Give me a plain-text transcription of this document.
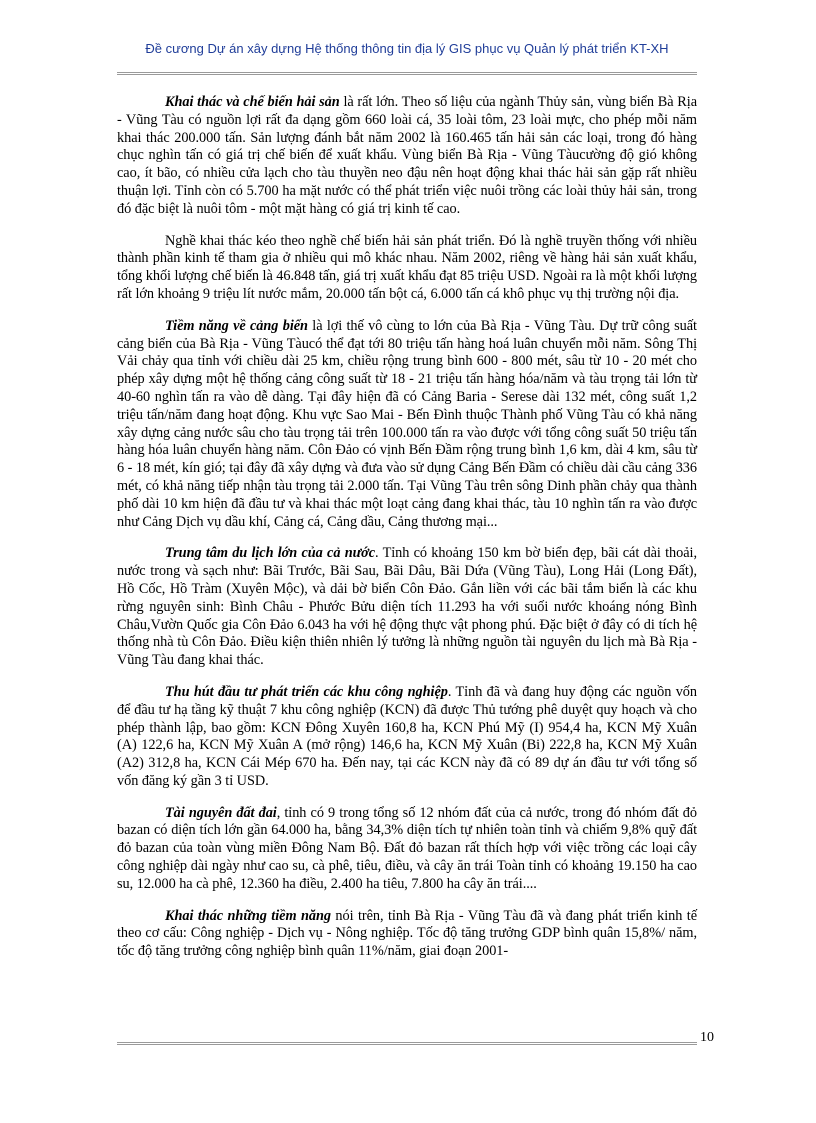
Đề cương Dự án xây dựng Hệ thống thông tin địa lý GIS phục vụ Quản lý phát triển KT-XH

Khai thác và chế biến hải sản là rất lớn. Theo số liệu của ngành Thủy sản, vùng biển Bà Rịa - Vũng Tàu có nguồn lợi rất đa dạng gồm 660 loài cá, 35 loài tôm, 23 loài mực, cho phép mỗi năm khai thác 200.000 tấn. Sản lượng đánh bắt năm 2002 là 160.465 tấn hải sản các loại, trong đó hàng chục nghìn tấn có giá trị chế biến để xuất khẩu. Vùng biển Bà Rịa - Vũng Tàucường độ gió không cao, ít bão, có nhiều cửa lạch cho tàu thuyền neo đậu nên hoạt động khai thác hải sản gặp rất nhiều thuận lợi. Tỉnh còn có 5.700 ha mặt nước có thể phát triển việc nuôi trồng các loài thủy hải sản, trong đó đặc biệt là nuôi tôm - một mặt hàng có giá trị kinh tế cao.

Nghề khai thác kéo theo nghề chế biến hải sản phát triển. Đó là nghề truyền thống với nhiều thành phần kinh tế tham gia ở nhiều qui mô khác nhau. Năm 2002, riêng về hàng hải sản xuất khẩu, tổng khối lượng chế biến là 46.848 tấn, giá trị xuất khẩu đạt 85 triệu USD. Ngoài ra là một khối lượng rất lớn khoảng 9 triệu lít nước mắm, 20.000 tấn bột cá, 6.000 tấn cá khô phục vụ thị trường nội địa.

Tiềm năng về cảng biển là lợi thế vô cùng to lớn của Bà Rịa - Vũng Tàu. Dự trữ công suất cảng biển của Bà Rịa - Vũng Tàucó thể đạt tới 80 triệu tấn hàng hoá luân chuyển mỗi năm. Sông Thị Vải chảy qua tỉnh với chiều dài 25 km, chiều rộng trung bình 600 - 800 mét, sâu từ 10 - 20 mét cho phép xây dựng một hệ thống cảng công suất từ 18 - 21 triệu tấn hàng hóa/năm và tàu trọng tải lớn từ 40-60 nghìn tấn ra vào dễ dàng. Tại đây hiện đã có Cảng Baria - Serese dài 132 mét, công suất 1,2 triệu tấn/năm đang hoạt động. Khu vực Sao Mai - Bến Đình thuộc Thành phố Vũng Tàu có khả năng xây dựng cảng nước sâu cho tàu trọng tải trên 100.000 tấn ra vào được với tổng công suất 50 triệu tấn hàng hóa luân chuyển hàng năm. Côn Đảo có vịnh Bến Đầm rộng trung bình 1,6 km, dài 4 km, sâu từ 6 - 18 mét, kín gió; tại đây đã xây dựng và đưa vào sử dụng Cảng Bến Đầm có chiều dài cầu cảng 336 mét, có khả năng tiếp nhận tàu trọng tải 2.000 tấn. Tại Vũng Tàu trên sông Dinh phần chảy qua thành phố dài 10 km hiện đã đầu tư và khai thác một loạt cảng đang khai thác, tàu 10 nghìn tấn ra vào được như Cảng Dịch vụ dầu khí, Cảng cá, Cảng dầu, Cảng thương mại...

Trung tâm du lịch lớn của cả nước. Tỉnh có khoảng 150 km bờ biển đẹp, bãi cát dài thoải, nước trong và sạch như: Bãi Trước, Bãi Sau, Bãi Dâu, Bãi Dứa (Vũng Tàu), Long Hải (Long Đất), Hồ Cốc, Hồ Tràm (Xuyên Mộc), và dải bờ biển Côn Đảo. Gắn liền với các bãi tắm biển là các khu rừng nguyên sinh: Bình Châu - Phước Bửu diện tích 11.293 ha với suối nước khoáng nóng Bình Châu,Vườn Quốc gia Côn Đảo 6.043 ha với hệ động thực vật phong phú. Đặc biệt ở đây có di tích hệ thống nhà tù Côn Đảo. Điều kiện thiên nhiên lý tưởng là những nguồn tài nguyên du lịch mà Bà Rịa - Vũng Tàu đang khai thác.

Thu hút đầu tư phát triển các khu công nghiệp. Tỉnh đã và đang huy động các nguồn vốn để đầu tư hạ tầng kỹ thuật 7 khu công nghiệp (KCN) đã được Thủ tướng phê duyệt quy hoạch và cho phép thành lập, bao gồm: KCN Đông Xuyên 160,8 ha, KCN Phú Mỹ (I) 954,4 ha, KCN Mỹ Xuân (A) 122,6 ha, KCN Mỹ Xuân A (mở rộng) 146,6 ha, KCN Mỹ Xuân (Bi) 222,8 ha, KCN Mỹ Xuân (A2) 312,8 ha, KCN Cái Mép 670 ha. Đến nay, tại các KCN này đã có 89 dự án đầu tư với tổng số vốn đăng ký gần 3 tỉ USD.

Tài nguyên đất đai, tỉnh có 9 trong tổng số 12 nhóm đất của cả nước, trong đó nhóm đất đỏ bazan có diện tích lớn gần 64.000 ha, bằng 34,3% diện tích tự nhiên toàn tỉnh và chiếm 9,8% quỹ đất đỏ bazan của toàn vùng miền Đông Nam Bộ. Đất đỏ bazan rất thích hợp với việc trồng các loại cây công nghiệp dài ngày như cao su, cà phê, tiêu, điều, và cây ăn trái Toàn tỉnh có khoảng 19.150 ha cao su, 12.000 ha cà phê, 12.360 ha điều, 2.400 ha tiêu, 7.800 ha cây ăn trái....

Khai thác những tiềm năng nói trên, tỉnh Bà Rịa - Vũng Tàu đã và đang phát triển kinh tế theo cơ cấu: Công nghiệp - Dịch vụ - Nông nghiệp. Tốc độ tăng trưởng GDP bình quân 15,8%/ năm, tốc độ tăng trưởng công nghiệp bình quân 11%/năm, giai đoạn 2001-

10
